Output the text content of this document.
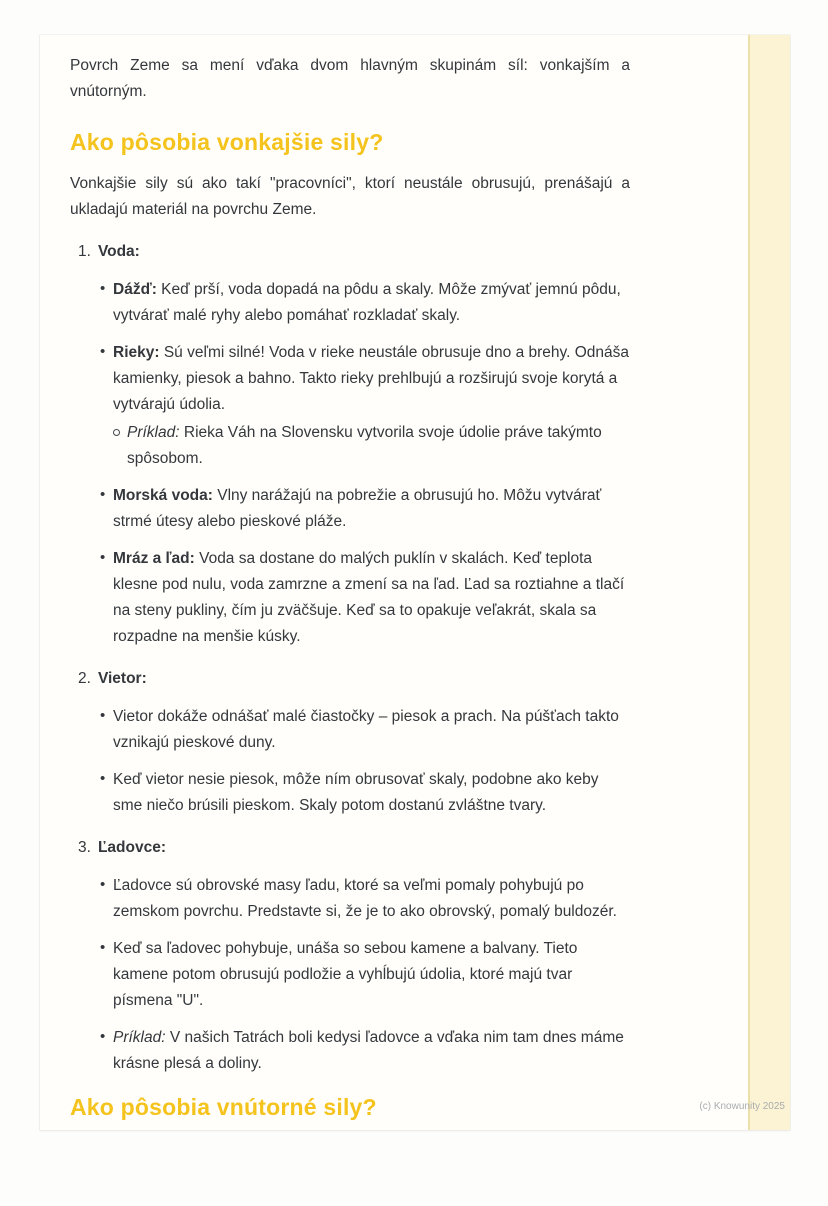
Povrch Zeme sa mení vďaka dvom hlavným skupinám síl: vonkajším a
vnútorným.

Ako pôsobia vonkajšie sily?

Vonkajšie sily sú ako takí "pracovníci", ktorí neustále obrusujú, prenášajú a
ukladajú materiál na povrchu Zeme.

1. Voda:
• Dážď: Keď prší, voda dopadá na pôdu a skaly. Môže zmývať jemnú pôdu, vytvárať malé ryhy alebo pomáhať rozkladať skaly.
• Rieky: Sú veľmi silné! Voda v rieke neustále obrusuje dno a brehy. Odnáša kamienky, piesok a bahno. Takto rieky prehlbujú a rozširujú svoje korytá a vytvárajú údolia.
Príklad: Rieka Váh na Slovensku vytvorila svoje údolie práve takýmto spôsobom.
• Morská voda: Vlny narážajú na pobrežie a obrusujú ho. Môžu vytvárať strmé útesy alebo pieskové pláže.
• Mráz a ľad: Voda sa dostane do malých puklín v skalách. Keď teplota klesne pod nulu, voda zamrzne a zmení sa na ľad. Ľad sa roztiahne a tlačí na steny pukliny, čím ju zväčšuje. Keď sa to opakuje veľakrát, skala sa rozpadne na menšie kúsky.
2. Vietor:
• Vietor dokáže odnášať malé čiastočky – piesok a prach. Na púšťach takto vznikajú pieskové duny.
• Keď vietor nesie piesok, môže ním obrusovať skaly, podobne ako keby sme niečo brúsili pieskom. Skaly potom dostanú zvláštne tvary.
3. Ľadovce:
• Ľadovce sú obrovské masy ľadu, ktoré sa veľmi pomaly pohybujú po zemskom povrchu. Predstavte si, že je to ako obrovský, pomalý buldozér.
• Keď sa ľadovec pohybuje, unáša so sebou kamene a balvany. Tieto kamene potom obrusujú podložie a vyhĺbujú údolia, ktoré majú tvar písmena "U".
• Príklad: V našich Tatrách boli kedysi ľadovce a vďaka nim tam dnes máme krásne plesá a doliny.
Ako pôsobia vnútorné sily?	(c) Knowunity 2025
